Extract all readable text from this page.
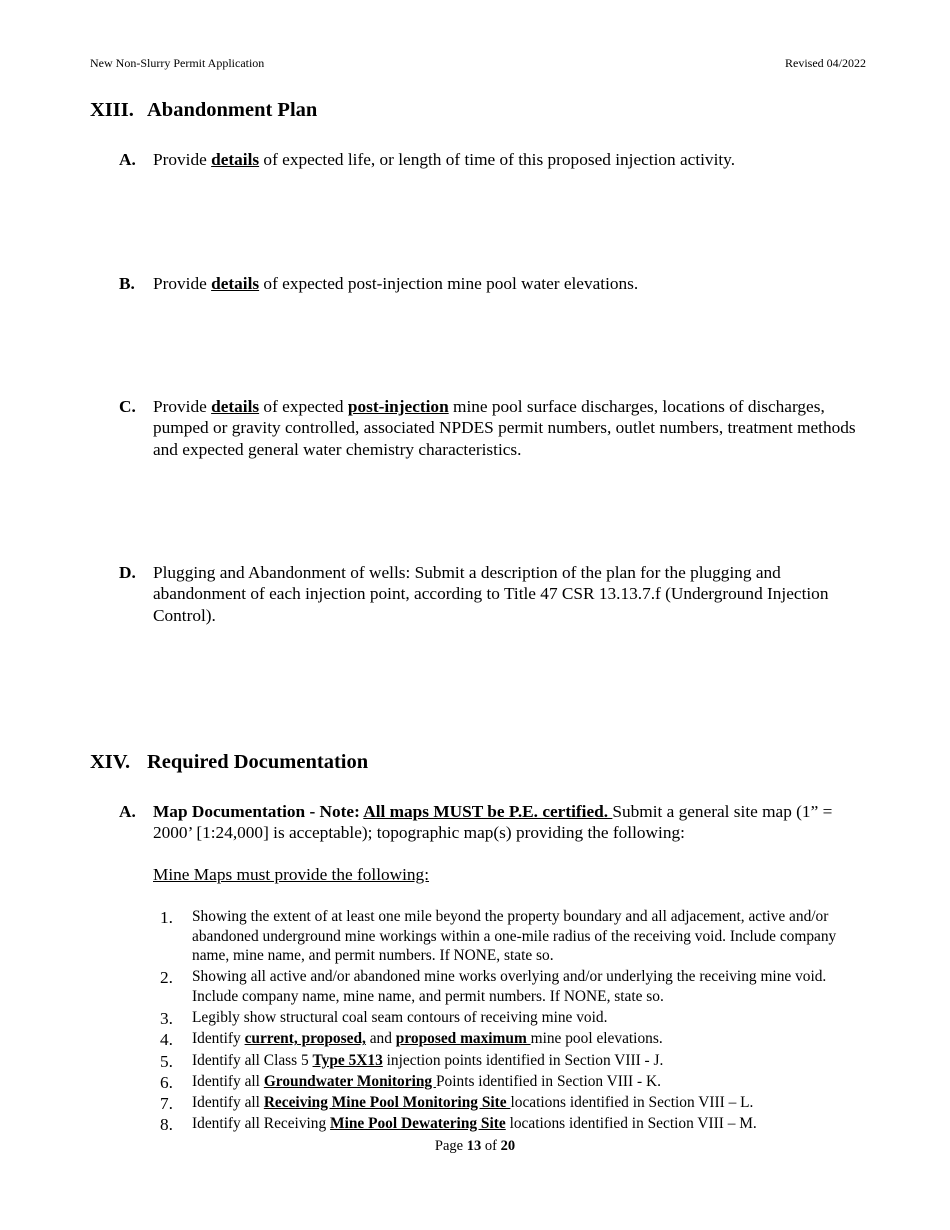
New Non-Slurry Permit Application	Revised 04/2022
XIII. Abandonment Plan
A. Provide details of expected life, or length of time of this proposed injection activity.
B. Provide details of expected post-injection mine pool water elevations.
C. Provide details of expected post-injection mine pool surface discharges, locations of discharges, pumped or gravity controlled, associated NPDES permit numbers, outlet numbers, treatment methods and expected general water chemistry characteristics.
D. Plugging and Abandonment of wells: Submit a description of the plan for the plugging and abandonment of each injection point, according to Title 47 CSR 13.13.7.f (Underground Injection Control).
XIV. Required Documentation
A. Map Documentation - Note: All maps MUST be P.E. certified. Submit a general site map (1” = 2000’ [1:24,000] is acceptable); topographic map(s) providing the following:
Mine Maps must provide the following:
1. Showing the extent of at least one mile beyond the property boundary and all adjacement, active and/or abandoned underground mine workings within a one-mile radius of the receiving void. Include company name, mine name, and permit numbers. If NONE, state so.
2. Showing all active and/or abandoned mine works overlying and/or underlying the receiving mine void. Include company name, mine name, and permit numbers. If NONE, state so.
3. Legibly show structural coal seam contours of receiving mine void.
4. Identify current, proposed, and proposed maximum mine pool elevations.
5. Identify all Class 5 Type 5X13 injection points identified in Section VIII - J.
6. Identify all Groundwater Monitoring Points identified in Section VIII - K.
7. Identify all Receiving Mine Pool Monitoring Site locations identified in Section VIII – L.
8. Identify all Receiving Mine Pool Dewatering Site locations identified in Section VIII – M.
Page 13 of 20
